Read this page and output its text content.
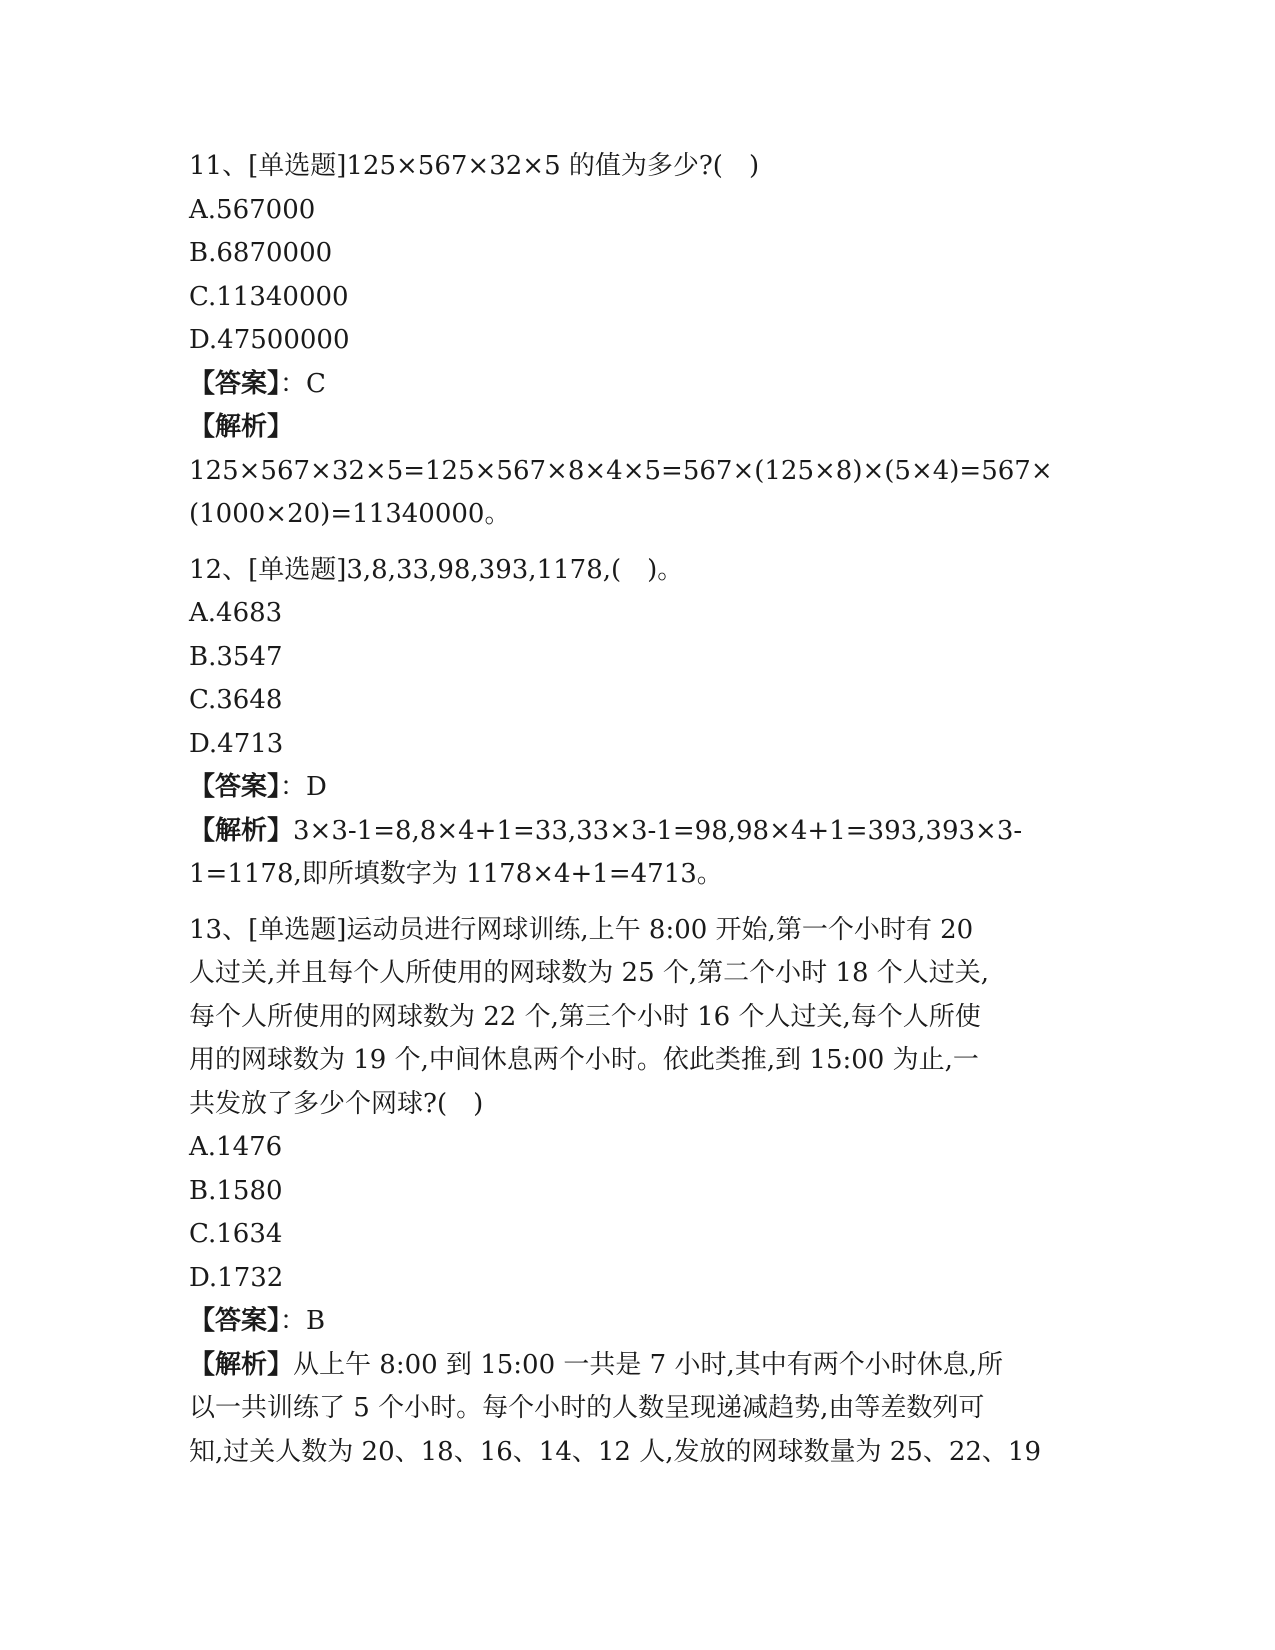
11、[单选题]125×567×32×5 的值为多少?(　)
A.567000
B.6870000
C.11340000
D.47500000
【答案】：C
【解析】
125×567×32×5=125×567×8×4×5=567×(125×8)×(5×4)=567×
(1000×20)=11340000。
12、[单选题]3,8,33,98,393,1178,(　)。
A.4683
B.3547
C.3648
D.4713
【答案】：D
【解析】3×3-1=8,8×4+1=33,33×3-1=98,98×4+1=393,393×3-
1=1178,即所填数字为 1178×4+1=4713。
13、[单选题]运动员进行网球训练,上午 8:00 开始,第一个小时有 20
人过关,并且每个人所使用的网球数为 25 个,第二个小时 18 个人过关,
每个人所使用的网球数为 22 个,第三个小时 16 个人过关,每个人所使
用的网球数为 19 个,中间休息两个小时。依此类推,到 15:00 为止,一
共发放了多少个网球?(　)
A.1476
B.1580
C.1634
D.1732
【答案】：B
【解析】从上午 8:00 到 15:00 一共是 7 小时,其中有两个小时休息,所
以一共训练了 5 个小时。每个小时的人数呈现递减趋势,由等差数列可
知,过关人数为 20、18、16、14、12 人,发放的网球数量为 25、22、19
